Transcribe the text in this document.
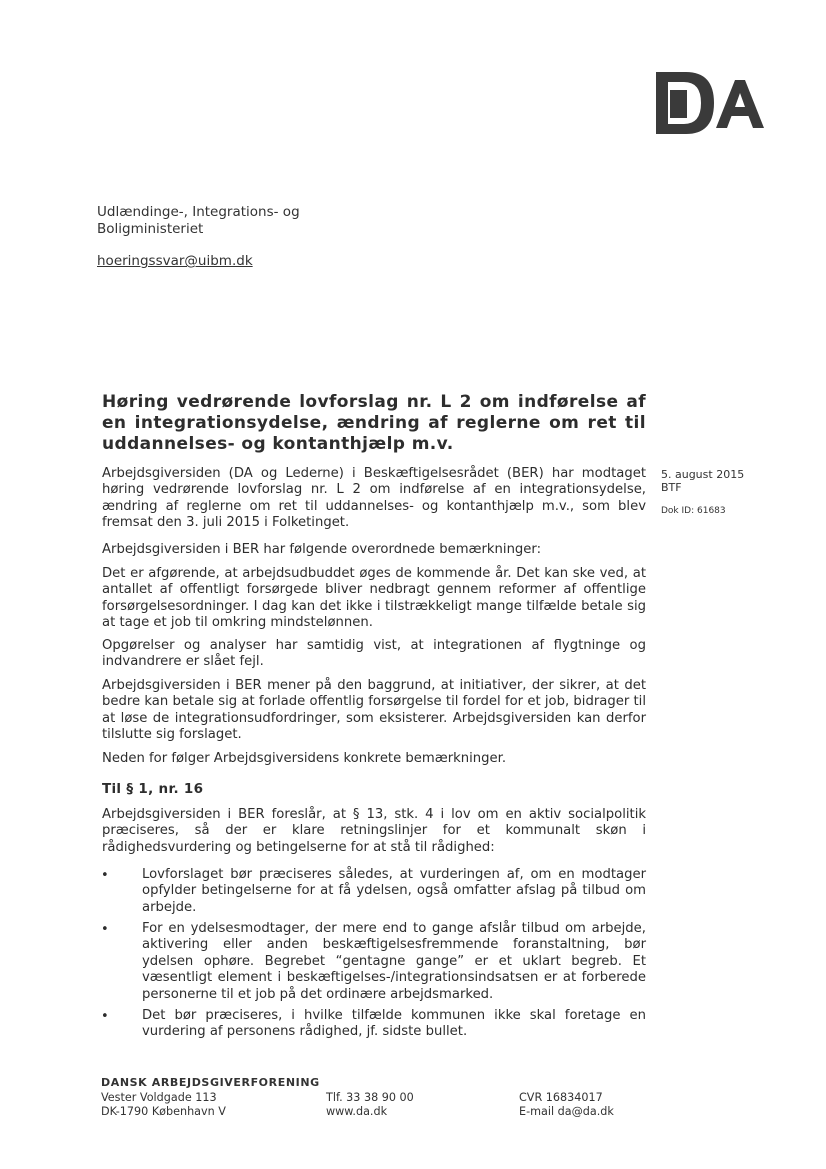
Udlændinge-, Integrations- og
Boligministeriet
hoeringssvar@uibm.dk
Høring vedrørende lovforslag nr. L 2 om indførelse af en integrationsydelse, ændring af reglerne om ret til uddannelses- og kontanthjælp m.v.
5. august 2015
BTF
Dok ID: 61683

Arbejdsgiversiden (DA og Lederne) i Beskæftigelsesrådet (BER) har modtaget høring vedrørende lovforslag nr. L 2 om indførelse af en integrationsydelse, ændring af reglerne om ret til uddannelses- og kontanthjælp m.v., som blev fremsat den 3. juli 2015 i Folketinget.

Arbejdsgiversiden i BER har følgende overordnede bemærkninger:

Det er afgørende, at arbejdsudbuddet øges de kommende år. Det kan ske ved, at antallet af offentligt forsørgede bliver nedbragt gennem reformer af offentlige forsørgelsesordninger. I dag kan det ikke i tilstrækkeligt mange tilfælde betale sig at tage et job til omkring mindstelønnen.

Opgørelser og analyser har samtidig vist, at integrationen af flygtninge og indvandrere er slået fejl.

Arbejdsgiversiden i BER mener på den baggrund, at initiativer, der sikrer, at det bedre kan betale sig at forlade offentlig forsørgelse til fordel for et job, bidrager til at løse de integrationsudfordringer, som eksisterer. Arbejdsgiversiden kan derfor tilslutte sig forslaget.

Neden for følger Arbejdsgiversidens konkrete bemærkninger.

Til § 1, nr. 16

Arbejdsgiversiden i BER foreslår, at § 13, stk. 4 i lov om en aktiv socialpolitik præciseres, så der er klare retningslinjer for et kommunalt skøn i rådighedsvurdering og betingelserne for at stå til rådighed:

•	Lovforslaget bør præciseres således, at vurderingen af, om en modtager opfylder betingelserne for at få ydelsen, også omfatter afslag på tilbud om arbejde.

•	For en ydelsesmodtager, der mere end to gange afslår tilbud om arbejde, aktivering eller anden beskæftigelsesfremmende foranstaltning, bør ydelsen ophøre. Begrebet “gentagne gange” er et uklart begreb. Et væsentligt element i beskæftigelses-/integrationsindsatsen er at forberede personerne til et job på det ordinære arbejdsmarked.

•	Det bør præciseres, i hvilke tilfælde kommunen ikke skal foretage en vurdering af personens rådighed, jf. sidste bullet.

DANSK ARBEJDSGIVERFORENING
Vester Voldgade 113
DK-1790 København V
Tlf. 33 38 90 00
www.da.dk
CVR 16834017
E-mail da@da.dk
